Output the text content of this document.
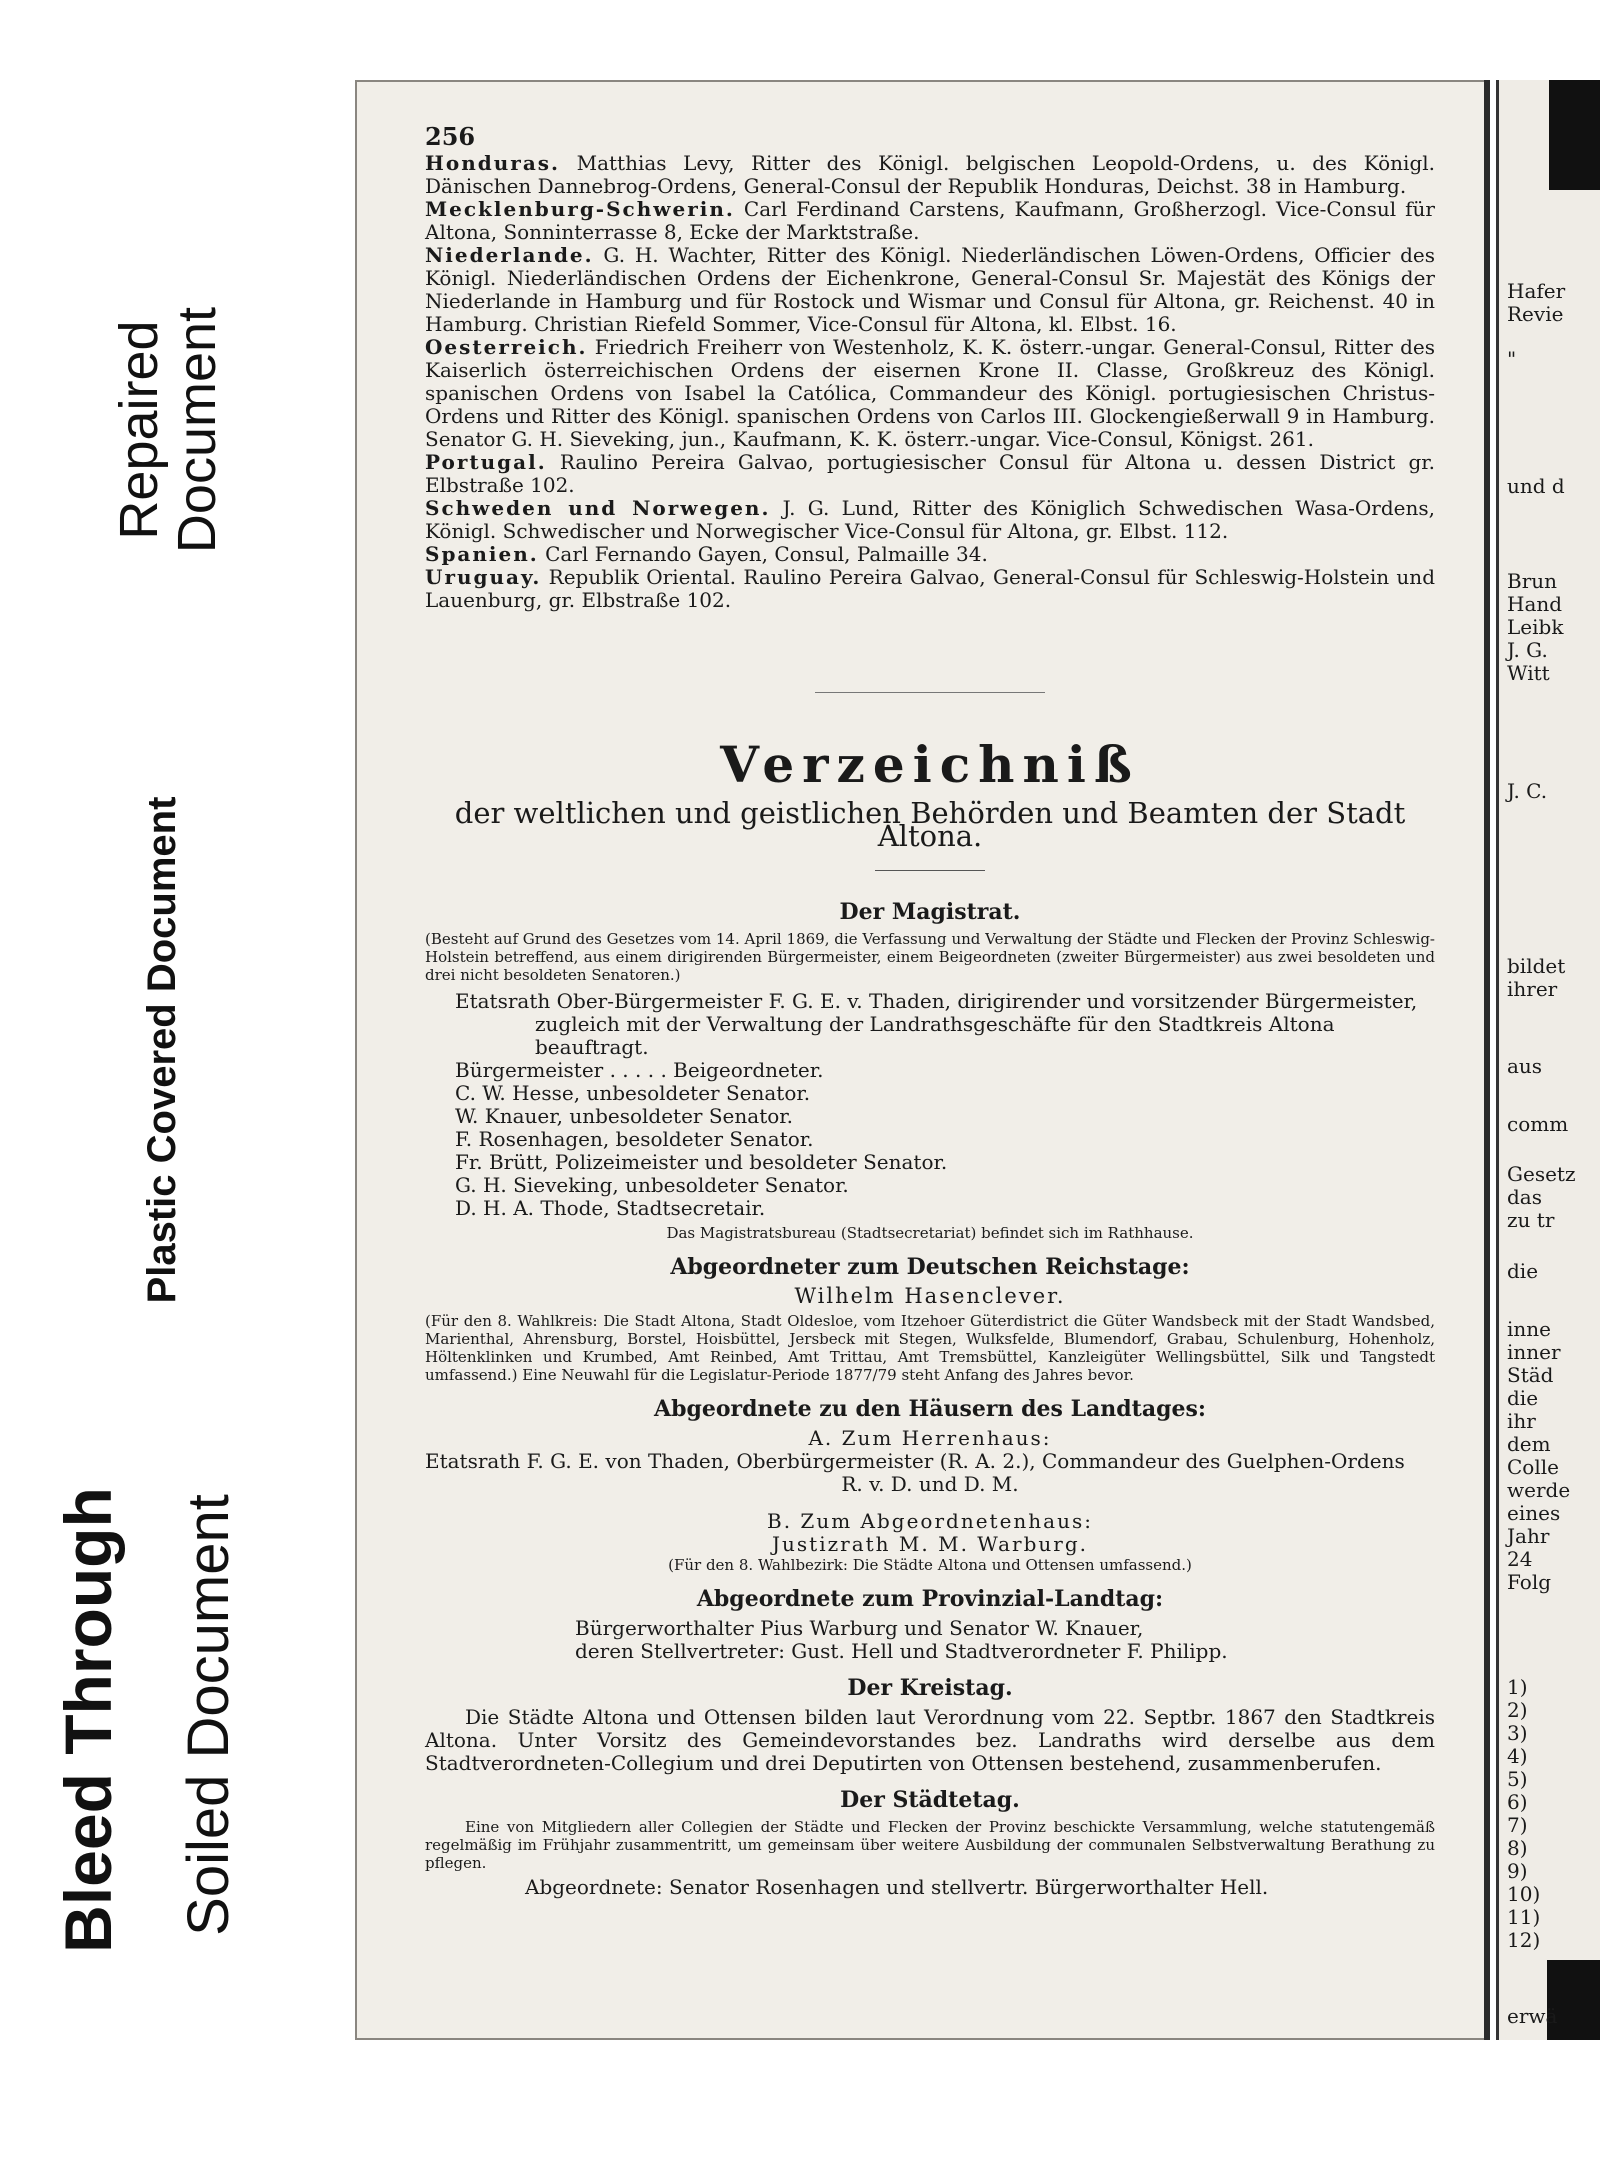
Repaired
Document
Plastic Covered Document
Bleed Through Soiled Document
256

Honduras. Matthias Levy, Ritter des Königl. belgischen Leopold-Ordens, u. des Königl. Dänischen Dannebrog-Ordens, General-Consul der Republik Honduras, Deichst. 38 in Hamburg.

Mecklenburg-Schwerin. Carl Ferdinand Carstens, Kaufmann, Großherzogl. Vice-Consul für Altona, Sonninterrasse 8, Ecke der Marktstraße.

Niederlande. G. H. Wachter, Ritter des Königl. Niederländischen Löwen-Ordens, Officier des Königl. Niederländischen Ordens der Eichenkrone, General-Consul Sr. Majestät des Königs der Niederlande in Hamburg und für Rostock und Wismar und Consul für Altona, gr. Reichenst. 40 in Hamburg. Christian Riefeld Sommer, Vice-Consul für Altona, kl. Elbst. 16.

Oesterreich. Friedrich Freiherr von Westenholz, K. K. österr.-ungar. General-Consul, Ritter des Kaiserlich österreichischen Ordens der eisernen Krone II. Classe, Großkreuz des Königl. spanischen Ordens von Isabel la Católica, Commandeur des Königl. portugiesischen Christus-Ordens und Ritter des Königl. spanischen Ordens von Carlos III. Glockengießerwall 9 in Hamburg. Senator G. H. Sieveking, jun., Kaufmann, K. K. österr.-ungar. Vice-Consul, Königst. 261.

Portugal. Raulino Pereira Galvao, portugiesischer Consul für Altona u. dessen District gr. Elbstraße 102.

Schweden und Norwegen. J. G. Lund, Ritter des Königlich Schwedischen Wasa-Ordens, Königl. Schwedischer und Norwegischer Vice-Consul für Altona, gr. Elbst. 112.

Spanien. Carl Fernando Gayen, Consul, Palmaille 34.

Uruguay. Republik Oriental. Raulino Pereira Galvao, General-Consul für Schleswig-Holstein und Lauenburg, gr. Elbstraße 102.

Verzeichniß
der weltlichen und geistlichen Behörden und Beamten der Stadt Altona.
Der Magistrat.
(Besteht auf Grund des Gesetzes vom 14. April 1869, die Verfassung und Verwaltung der Städte und Flecken der Provinz Schleswig-Holstein betreffend, aus einem dirigirenden Bürgermeister, einem Beigeordneten (zweiter Bürgermeister) aus zwei besoldeten und drei nicht besoldeten Senatoren.)
Etatsrath Ober-Bürgermeister F. G. E. v. Thaden, dirigirender und vorsitzender Bürgermeister,
zugleich mit der Verwaltung der Landrathsgeschäfte für den Stadtkreis Altona beauftragt.
Bürgermeister . . . . . Beigeordneter.
C. W. Hesse, unbesoldeter Senator.
W. Knauer, unbesoldeter Senator.
F. Rosenhagen, besoldeter Senator.
Fr. Brütt, Polizeimeister und besoldeter Senator.
G. H. Sieveking, unbesoldeter Senator.
D. H. A. Thode, Stadtsecretair.
Das Magistratsbureau (Stadtsecretariat) befindet sich im Rathhause.
Abgeordneter zum Deutschen Reichstage:
Wilhelm Hasenclever.
(Für den 8. Wahlkreis: Die Stadt Altona, Stadt Oldesloe, vom Itzehoer Güterdistrict die Güter Wandsbeck mit der Stadt Wandsbed, Marienthal, Ahrensburg, Borstel, Hoisbüttel, Jersbeck mit Stegen, Wulksfelde, Blumendorf, Grabau, Schulenburg, Hohenholz, Höltenklinken und Krumbed, Amt Reinbed, Amt Trittau, Amt Tremsbüttel, Kanzleigüter Wellingsbüttel, Silk und Tangstedt umfassend.) Eine Neuwahl für die Legislatur-Periode 1877/79 steht Anfang des Jahres bevor.
Abgeordnete zu den Häusern des Landtages:
A. Zum Herrenhaus:
Etatsrath F. G. E. von Thaden, Oberbürgermeister (R. A. 2.), Commandeur des Guelphen-Ordens
R. v. D. und D. M.
B. Zum Abgeordnetenhaus:
Justizrath M. M. Warburg.
(Für den 8. Wahlbezirk: Die Städte Altona und Ottensen umfassend.)
Abgeordnete zum Provinzial-Landtag:
Bürgerworthalter Pius Warburg und Senator W. Knauer,
deren Stellvertreter: Gust. Hell und Stadtverordneter F. Philipp.
Der Kreistag.
Die Städte Altona und Ottensen bilden laut Verordnung vom 22. Septbr. 1867 den Stadtkreis Altona. Unter Vorsitz des Gemeindevorstandes bez. Landraths wird derselbe aus dem Stadtverordneten-Collegium und drei Deputirten von Ottensen bestehend, zusammenberufen.
Der Städtetag.
Eine von Mitgliedern aller Collegien der Städte und Flecken der Provinz beschickte Versammlung, welche statutengemäß regelmäßig im Frühjahr zusammentritt, um gemeinsam über weitere Ausbildung der communalen Selbstverwaltung Berathung zu pflegen.
Abgeordnete: Senator Rosenhagen und stellvertr. Bürgerworthalter Hell.
Hafer
Revie
"
und d
Brun
Hand
Leibk
J. G.
Witt
J. C.
bildet
ihrer
aus
comm
Gesetz
das
zu tr
die
inne
inner
Städ
die
ihr
dem
Colle
werde
eines
Jahr
24
Folg
erwä
1)
2)
3)
4)
5)
6)
7)
8)
9)
10)
11)
12)
